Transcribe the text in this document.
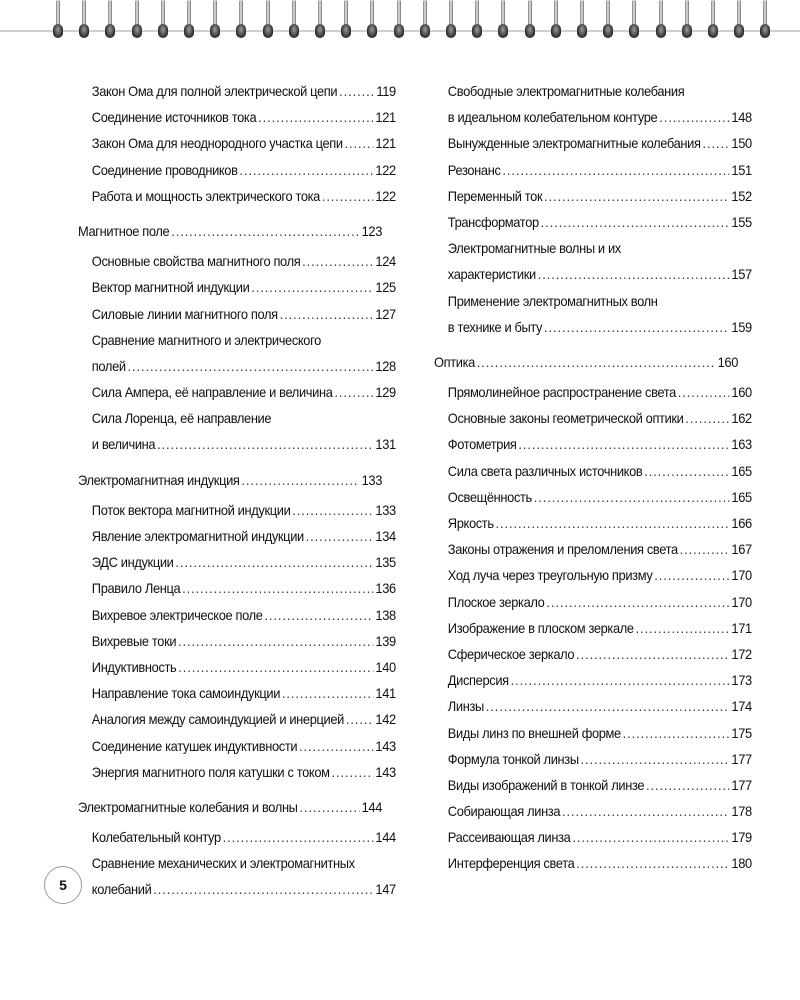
Закон Ома для полной электрической цепи .....	119
Соединение источников тока .....	121
Закон Ома для неоднородного участка цепи ..... 121
Соединение проводников .....	122
Работа и мощность электрического тока .....	122
Магнитное поле .....	123
Основные свойства магнитного поля .....	124
Вектор магнитной индукции .....	125
Силовые линии магнитного поля .....	127
Сравнение магнитного и электрического
полей .....	128
Сила Ампера, её направление и величина .....	129
Сила Лоренца, её направление
и величина .....	131
Электромагнитная индукция .....	133
Поток вектора магнитной индукции .....	133
Явление электромагнитной индукции .....	134
ЭДС индукции .....	135
Правило Ленца .....	136
Вихревое электрическое поле .....	138
Вихревые токи .....	139
Индуктивность .....	140
Направление тока самоиндукции .....	141
Аналогия между самоиндукцией и инерцией ..... 142
Соединение катушек индуктивности .....	143
Энергия магнитного поля катушки с током .....	143
Электромагнитные колебания и волны .....	144
Колебательный контур .....	144
Сравнение механических и электромагнитных
колебаний .....	147
Свободные электромагнитные колебания
в идеальном колебательном контуре .....	148
Вынужденные электромагнитные колебания ..... 150
Резонанс .....	151
Переменный ток .....	152
Трансформатор .....	155
Электромагнитные волны и их
характеристики .....	157
Применение электромагнитных волн
в технике и быту .....	159
Оптика .....	160
Прямолинейное распространение света .....	160
Основные законы геометрической оптики .....	162
Фотометрия .....	163
Сила света различных источников .....	165
Освещённость .....	165
Яркость .....	166
Законы отражения и преломления света .....	167
Ход луча через треугольную призму .....	170
Плоское зеркало .....	170
Изображение в плоском зеркале .....	171
Сферическое зеркало .....	172
Дисперсия .....	173
Линзы .....	174
Виды линз по внешней форме .....	175
Формула тонкой линзы .....	177
Виды изображений в тонкой линзе .....	177
Собирающая линза .....	178
Рассеивающая линза .....	179
Интерференция света .....	180
5
